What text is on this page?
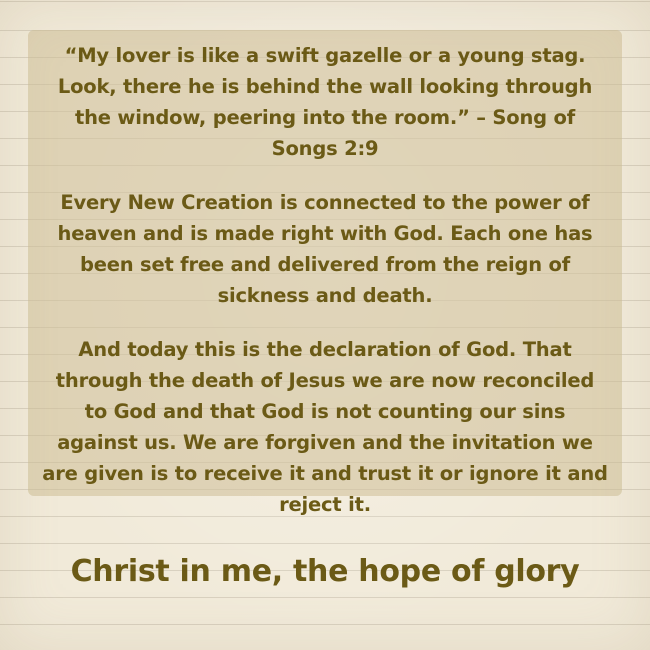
“My lover is like a swift gazelle or a young stag. Look, there he is behind the wall looking through the window, peering into the room.” – Song of Songs 2:9

Every New Creation is connected to the power of heaven and is made right with God. Each one has been set free and delivered from the reign of sickness and death.

And today this is the declaration of God. That through the death of Jesus we are now reconciled to God and that God is not counting our sins against us. We are forgiven and the invitation we are given is to receive it and trust it or ignore it and reject it.

Christ in me, the hope of glory
